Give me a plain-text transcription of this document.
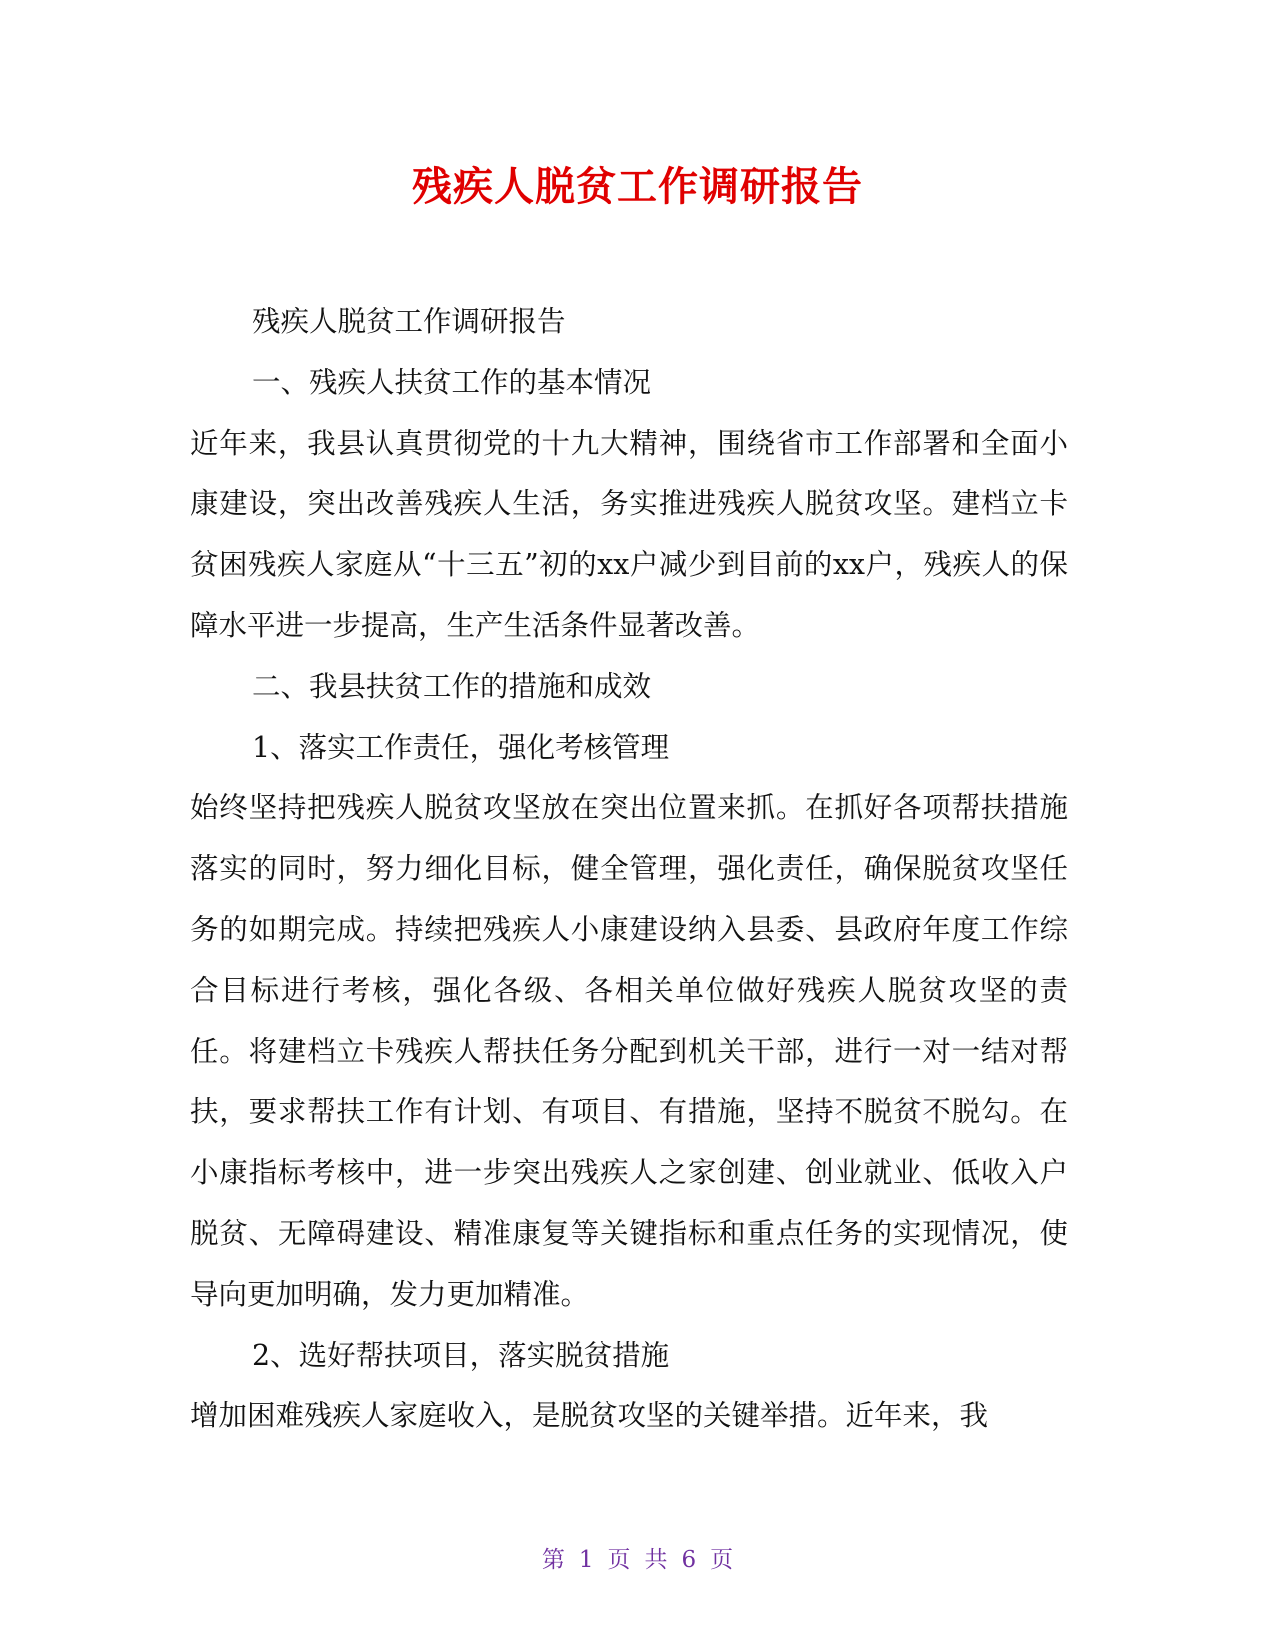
残疾人脱贫工作调研报告

残疾人脱贫工作调研报告

一、残疾人扶贫工作的基本情况

近年来，我县认真贯彻党的十九大精神，围绕省市工作部署和全面小康建设，突出改善残疾人生活，务实推进残疾人脱贫攻坚。建档立卡贫困残疾人家庭从“十三五”初的xx户减少到目前的xx户，残疾人的保障水平进一步提高，生产生活条件显著改善。

二、我县扶贫工作的措施和成效

1、落实工作责任，强化考核管理

始终坚持把残疾人脱贫攻坚放在突出位置来抓。在抓好各项帮扶措施落实的同时，努力细化目标，健全管理，强化责任，确保脱贫攻坚任务的如期完成。持续把残疾人小康建设纳入县委、县政府年度工作综合目标进行考核，强化各级、各相关单位做好残疾人脱贫攻坚的责任。将建档立卡残疾人帮扶任务分配到机关干部，进行一对一结对帮扶，要求帮扶工作有计划、有项目、有措施，坚持不脱贫不脱勾。在小康指标考核中，进一步突出残疾人之家创建、创业就业、低收入户脱贫、无障碍建设、精准康复等关键指标和重点任务的实现情况，使导向更加明确，发力更加精准。

2、选好帮扶项目，落实脱贫措施

增加困难残疾人家庭收入，是脱贫攻坚的关键举措。近年来，我

第 1 页 共 6 页
